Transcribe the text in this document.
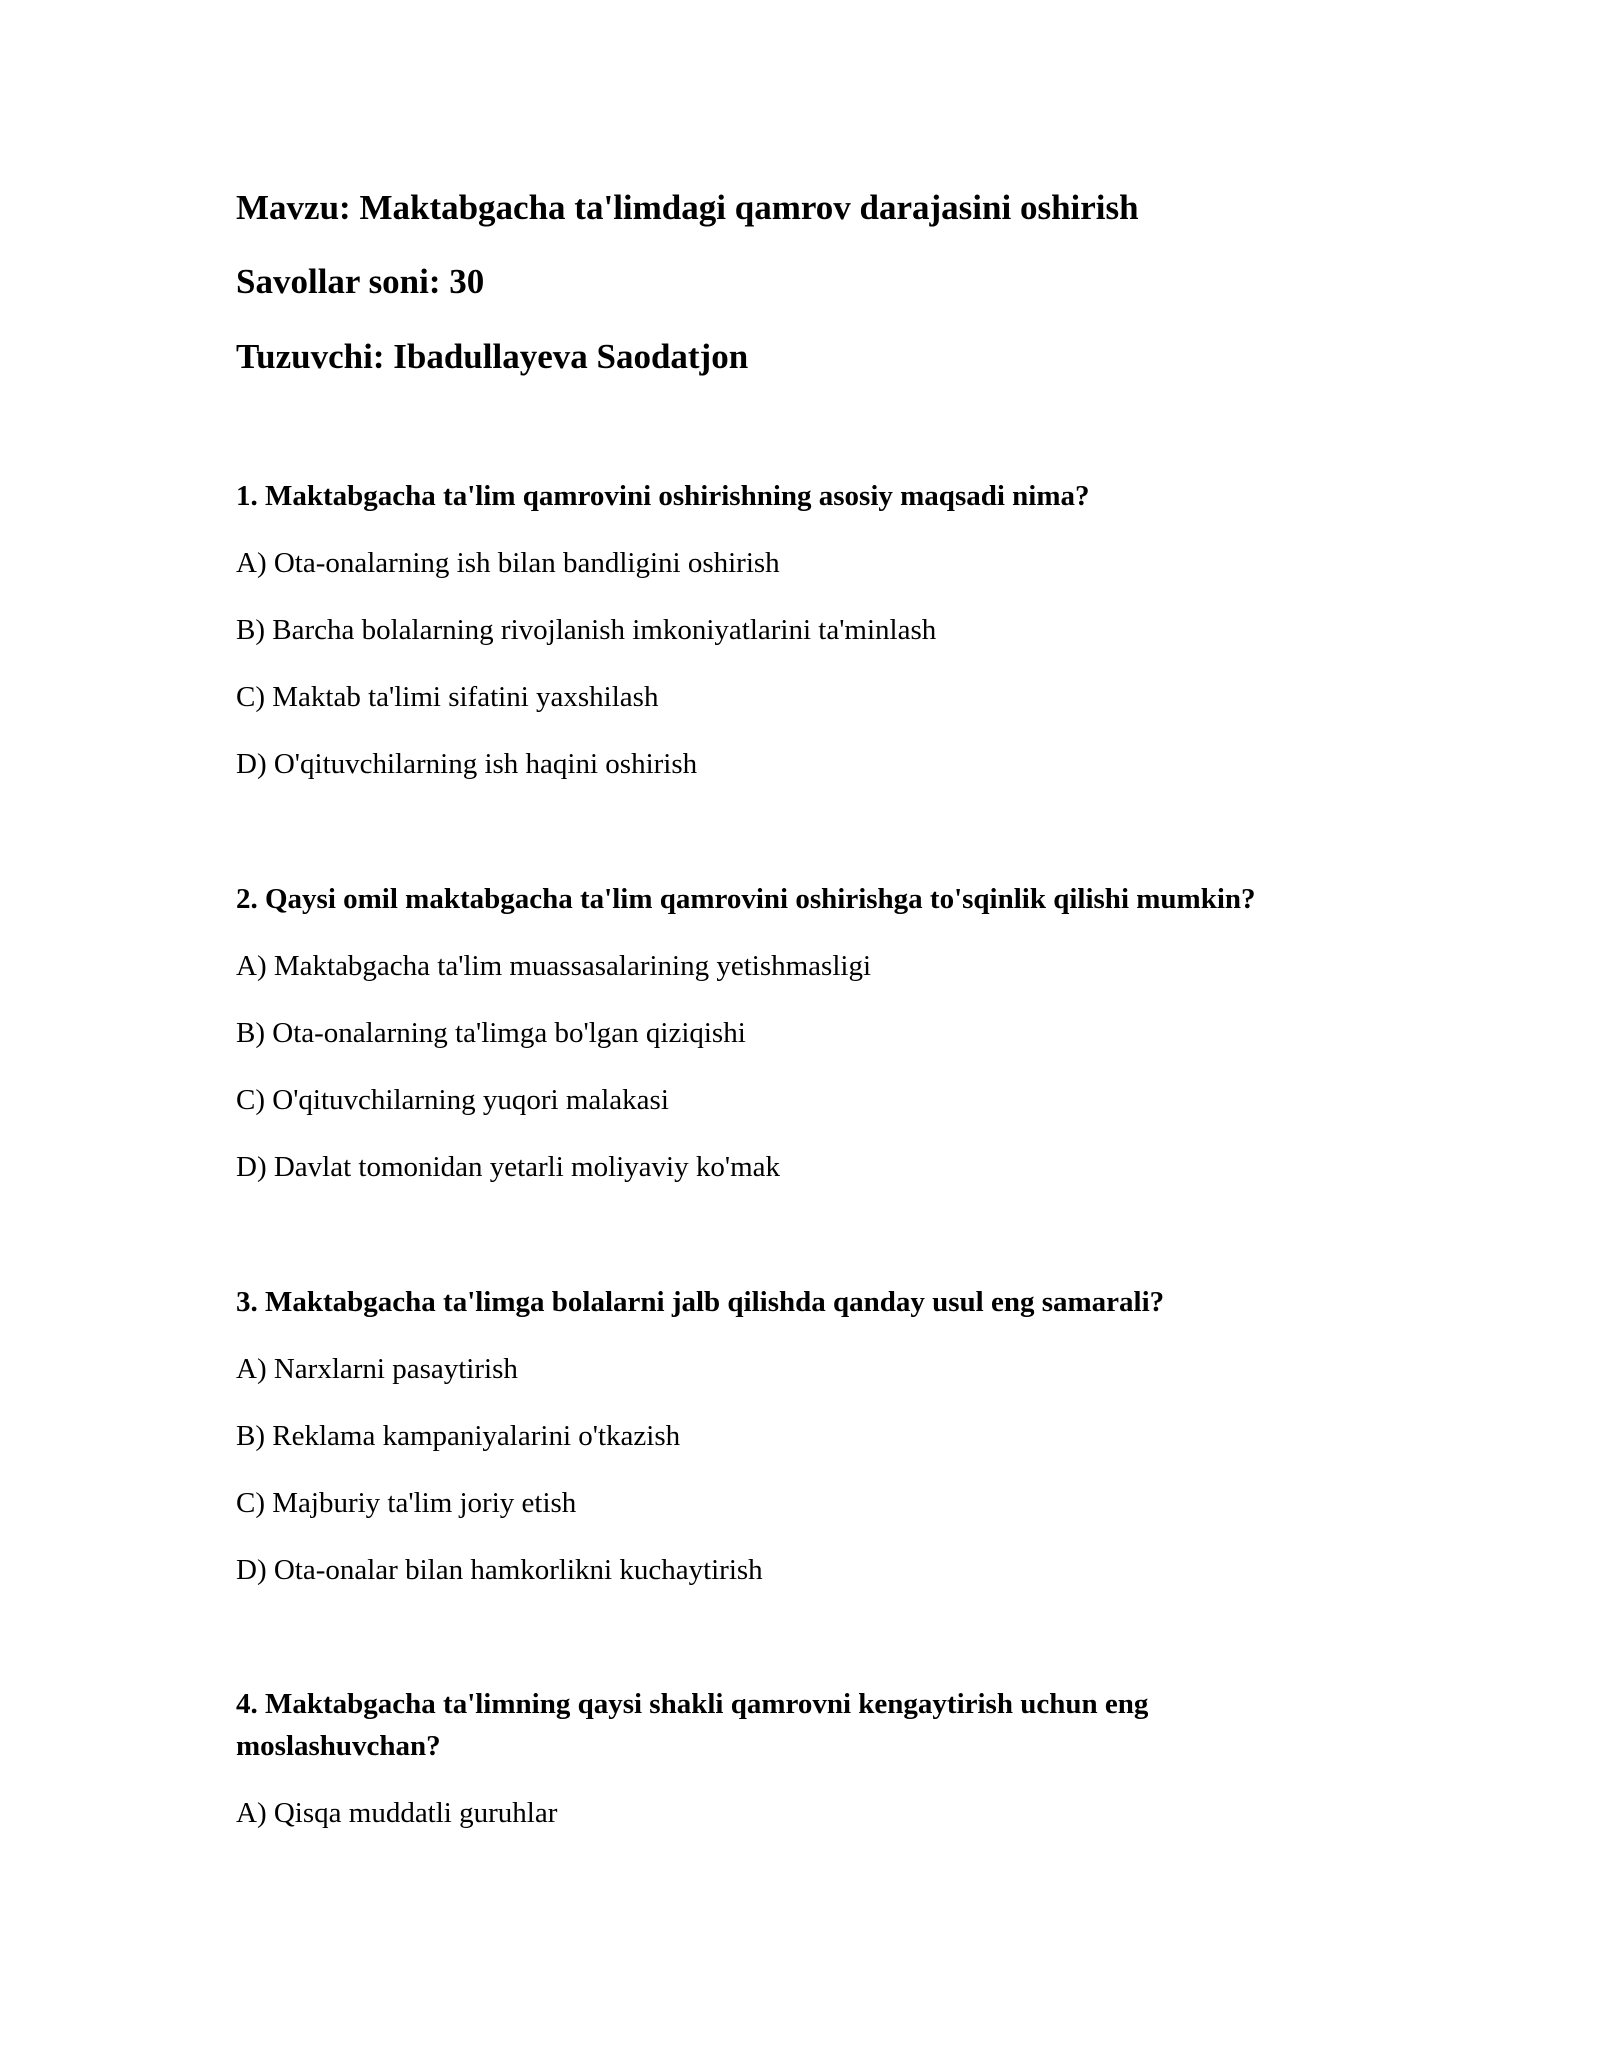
Mavzu: Maktabgacha ta'limdagi qamrov darajasini oshirish
Savollar soni: 30
Tuzuvchi: Ibadullayeva Saodatjon

1. Maktabgacha ta'lim qamrovini oshirishning asosiy maqsadi nima?

A) Ota-onalarning ish bilan bandligini oshirish

B) Barcha bolalarning rivojlanish imkoniyatlarini ta'minlash

C) Maktab ta'limi sifatini yaxshilash

D) O'qituvchilarning ish haqini oshirish

2. Qaysi omil maktabgacha ta'lim qamrovini oshirishga to'sqinlik qilishi mumkin?

A) Maktabgacha ta'lim muassasalarining yetishmasligi

B) Ota-onalarning ta'limga bo'lgan qiziqishi

C) O'qituvchilarning yuqori malakasi

D) Davlat tomonidan yetarli moliyaviy ko'mak

3. Maktabgacha ta'limga bolalarni jalb qilishda qanday usul eng samarali?

A) Narxlarni pasaytirish

B) Reklama kampaniyalarini o'tkazish

C) Majburiy ta'lim joriy etish

D) Ota-onalar bilan hamkorlikni kuchaytirish

4. Maktabgacha ta'limning qaysi shakli qamrovni kengaytirish uchun eng moslashuvchan?

A) Qisqa muddatli guruhlar
